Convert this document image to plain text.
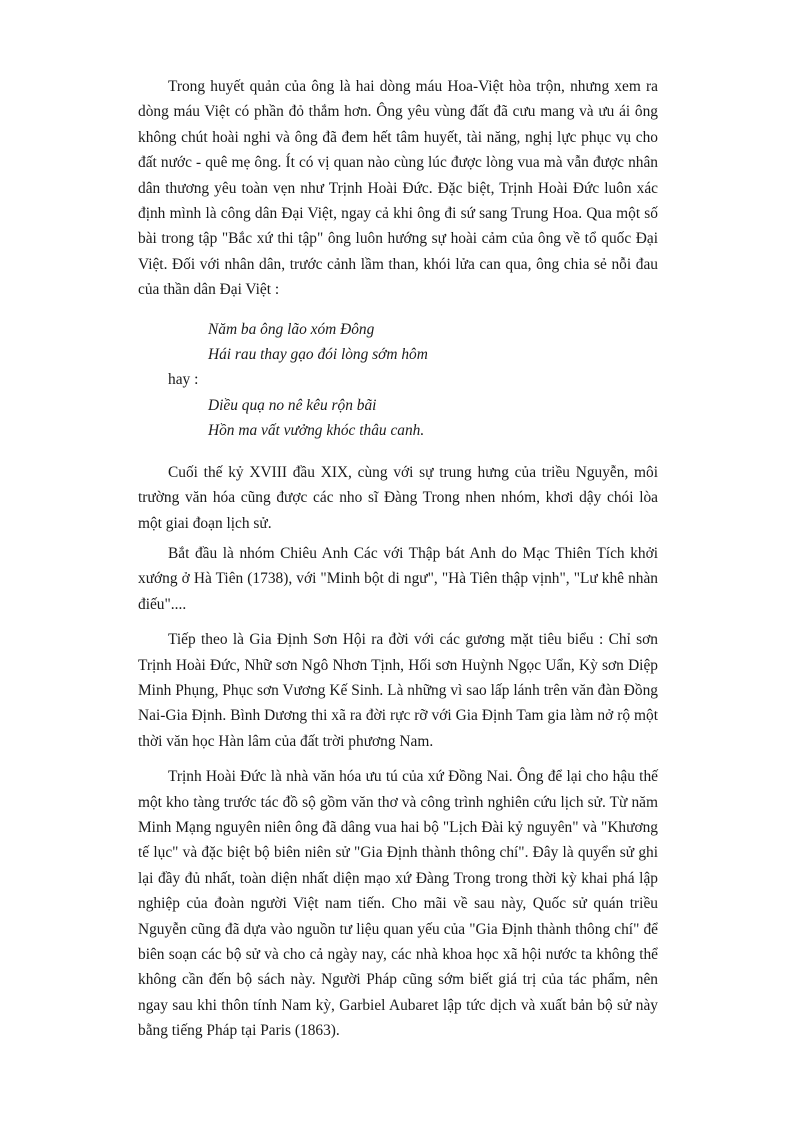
Trong huyết quản của ông là hai dòng máu Hoa-Việt hòa trộn, nhưng xem ra dòng máu Việt có phần đỏ thắm hơn. Ông yêu vùng đất đã cưu mang và ưu ái ông không chút hoài nghi và ông đã đem hết tâm huyết, tài năng, nghị lực phục vụ cho đất nước - quê mẹ ông. Ít có vị quan nào cùng lúc được lòng vua mà vẫn được nhân dân thương yêu toàn vẹn như Trịnh Hoài Đức. Đặc biệt, Trịnh Hoài Đức luôn xác định mình là công dân Đại Việt, ngay cả khi ông đi sứ sang Trung Hoa. Qua một số bài trong tập "Bắc xứ thi tập" ông luôn hướng sự hoài cảm của ông về tổ quốc Đại Việt. Đối với nhân dân, trước cảnh lầm than, khói lửa can qua, ông chia sẻ nỗi đau của thần dân Đại Việt :

Năm ba ông lão xóm Đông

Hái rau thay gạo đói lòng sớm hôm

hay :

Diều quạ no nê kêu rộn bãi

Hồn ma vất vưởng khóc thâu canh.

Cuối thế kỷ XVIII đầu XIX, cùng với sự trung hưng của triều Nguyễn, môi trường văn hóa cũng được các nho sĩ Đàng Trong nhen nhóm, khơi dậy chói lòa một giai đoạn lịch sử.

Bắt đầu là nhóm Chiêu Anh Các với Thập bát Anh do Mạc Thiên Tích khởi xướng ở Hà Tiên (1738), với "Minh bột di ngư", "Hà Tiên thập vịnh", "Lư khê nhàn điếu"....

Tiếp theo là Gia Định Sơn Hội ra đời với các gương mặt tiêu biểu : Chỉ sơn Trịnh Hoài Đức, Nhữ sơn Ngô Nhơn Tịnh, Hối sơn Huỳnh Ngọc Uẩn, Kỳ sơn Diệp Minh Phụng, Phục sơn Vương Kế Sinh. Là những vì sao lấp lánh trên văn đàn Đồng Nai-Gia Định. Bình Dương thi xã ra đời rực rỡ với Gia Định Tam gia làm nở rộ một thời văn học Hàn lâm của đất trời phương Nam.

Trịnh Hoài Đức là nhà văn hóa ưu tú của xứ Đồng Nai. Ông để lại cho hậu thế một kho tàng trước tác đồ sộ gồm văn thơ và công trình nghiên cứu lịch sử. Từ năm Minh Mạng nguyên niên ông đã dâng vua hai bộ "Lịch Đài kỷ nguyên" và "Khương tế lục" và đặc biệt bộ biên niên sử "Gia Định thành thông chí". Đây là quyển sử ghi lại đầy đủ nhất, toàn diện nhất diện mạo xứ Đàng Trong trong thời kỳ khai phá lập nghiệp của đoàn người Việt nam tiến. Cho mãi về sau này, Quốc sử quán triều Nguyễn cũng đã dựa vào nguồn tư liệu quan yếu của "Gia Định thành thông chí" để biên soạn các bộ sử và cho cả ngày nay, các nhà khoa học xã hội nước ta không thể không cần đến bộ sách này. Người Pháp cũng sớm biết giá trị của tác phẩm, nên ngay sau khi thôn tính Nam kỳ, Garbiel Aubaret lập tức dịch và xuất bản bộ sử này bằng tiếng Pháp tại Paris (1863).
